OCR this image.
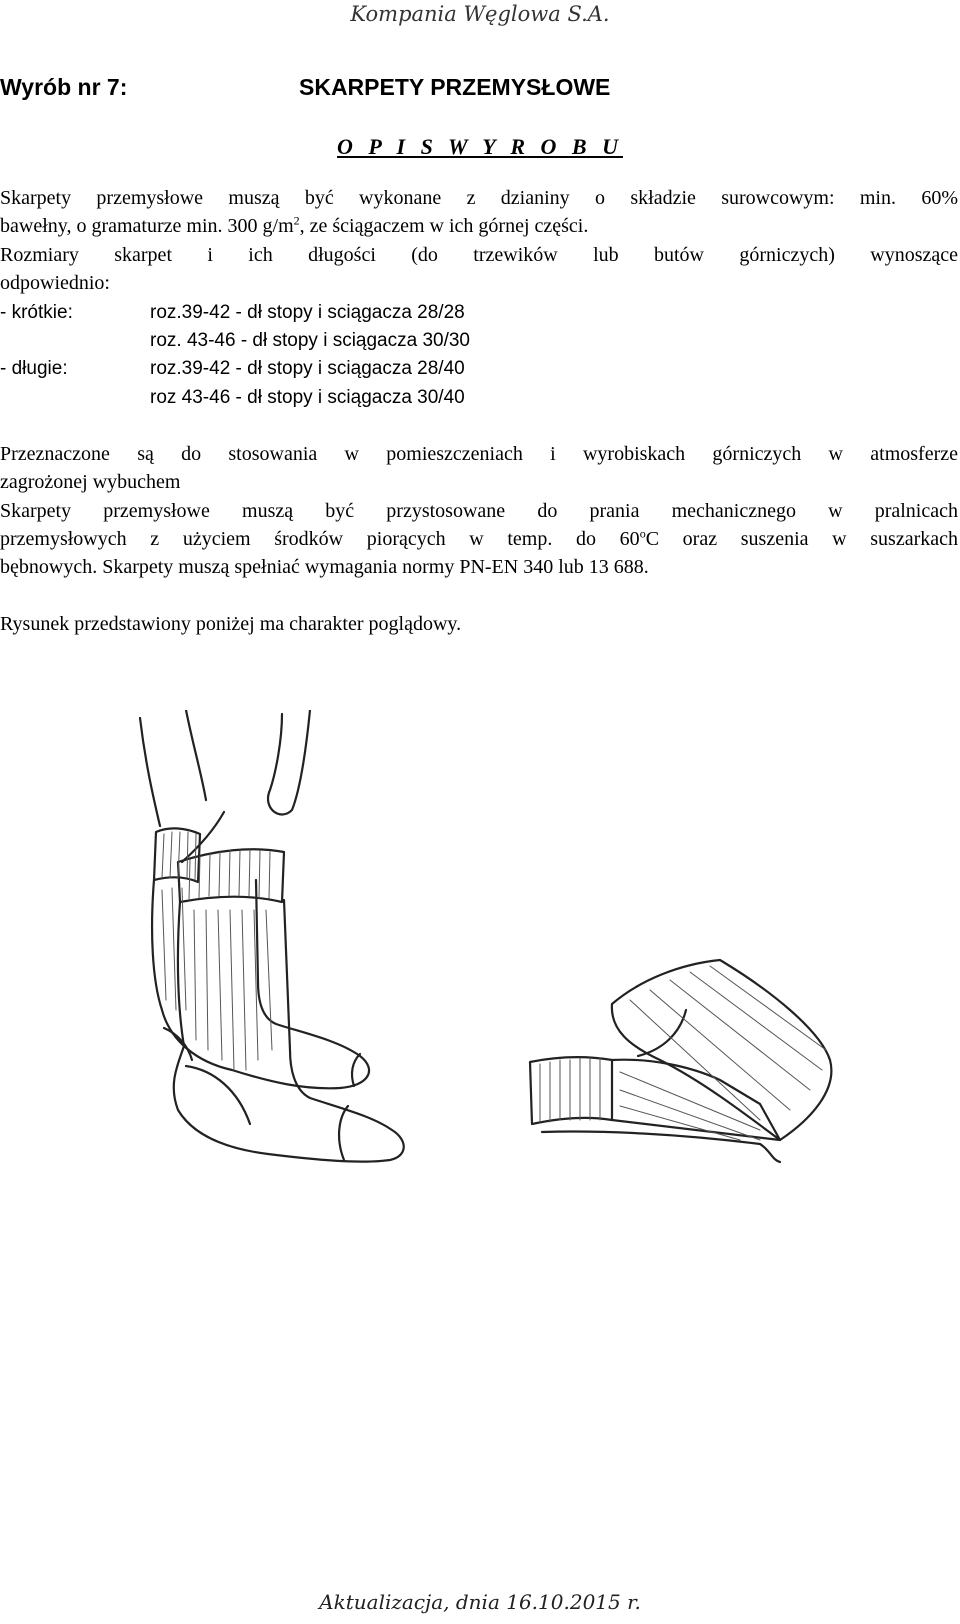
Kompania Węglowa S.A.
Wyrób nr 7:	SKARPETY PRZEMYSŁOWE
O P I S W Y R O B U
Skarpety przemysłowe muszą być wykonane z dzianiny o składzie surowcowym: min. 60%
bawełny, o gramaturze min. 300 $g/m^2$, ze ściągaczem w ich górnej części.
Rozmiary skarpet i ich długości (do trzewików lub butów górniczych) wynoszące
odpowiednio:
- krótkie:	roz.39-42 - dł stopy i sciągacza 28/28
roz. 43-46 - dł stopy i sciągacza 30/30
- długie:	roz.39-42 - dł stopy i sciągacza 28/40
roz 43-46 - dł stopy i sciągacza 30/40
Przeznaczone są do stosowania w pomieszczeniach i wyrobiskach górniczych w atmosferze
zagrożonej wybuchem
Skarpety przemysłowe muszą być przystosowane do prania mechanicznego w pralnicach
przemysłowych z użyciem środków piorących w temp. do 60$^o$C oraz suszenia w suszarkach
bębnowych. Skarpety muszą spełniać wymagania normy PN-EN 340 lub 13 688.
Rysunek przedstawiony poniżej ma charakter poglądowy.
Aktualizacja, dnia 16.10.2015 r.
